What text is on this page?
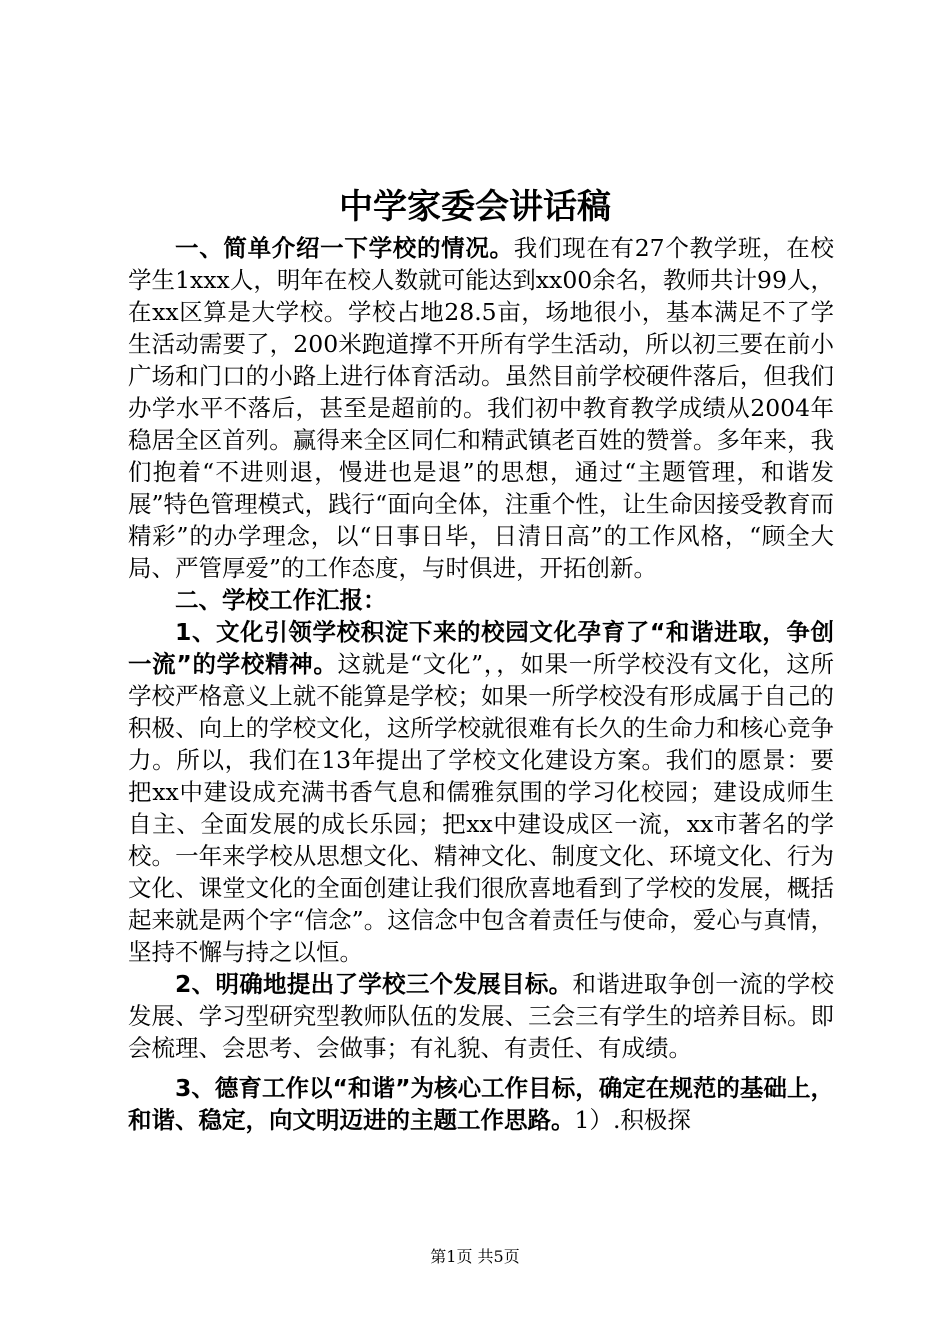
中学家委会讲话稿

一、简单介绍一下学校的情况。我们现在有27个教学班，在校学生1xxx人，明年在校人数就可能达到xx00余名，教师共计99人，在xx区算是大学校。学校占地28.5亩，场地很小，基本满足不了学生活动需要了，200米跑道撑不开所有学生活动，所以初三要在前小广场和门口的小路上进行体育活动。虽然目前学校硬件落后，但我们办学水平不落后，甚至是超前的。我们初中教育教学成绩从2004年稳居全区首列。赢得来全区同仁和精武镇老百姓的赞誉。多年来，我们抱着“不进则退，慢进也是退”的思想，通过“主题管理，和谐发展”特色管理模式，践行“面向全体，注重个性，让生命因接受教育而精彩”的办学理念，以“日事日毕，日清日高”的工作风格，“顾全大局、严管厚爱”的工作态度，与时俱进，开拓创新。

二、学校工作汇报：

1、文化引领学校积淀下来的校园文化孕育了“和谐进取，争创一流”的学校精神。这就是“文化”，，如果一所学校没有文化，这所学校严格意义上就不能算是学校；如果一所学校没有形成属于自己的积极、向上的学校文化，这所学校就很难有长久的生命力和核心竞争力。所以，我们在13年提出了学校文化建设方案。我们的愿景：要把xx中建设成充满书香气息和儒雅氛围的学习化校园；建设成师生自主、全面发展的成长乐园；把xx中建设成区一流，xx市著名的学校。一年来学校从思想文化、精神文化、制度文化、环境文化、行为文化、课堂文化的全面创建让我们很欣喜地看到了学校的发展，概括起来就是两个字“信念”。这信念中包含着责任与使命，爱心与真情，坚持不懈与持之以恒。

2、明确地提出了学校三个发展目标。和谐进取争创一流的学校发展、学习型研究型教师队伍的发展、三会三有学生的培养目标。即会梳理、会思考、会做事；有礼貌、有责任、有成绩。

3、德育工作以“和谐”为核心工作目标，确定在规范的基础上，和谐、稳定，向文明迈进的主题工作思路。1）.积极探

第1页 共5页
